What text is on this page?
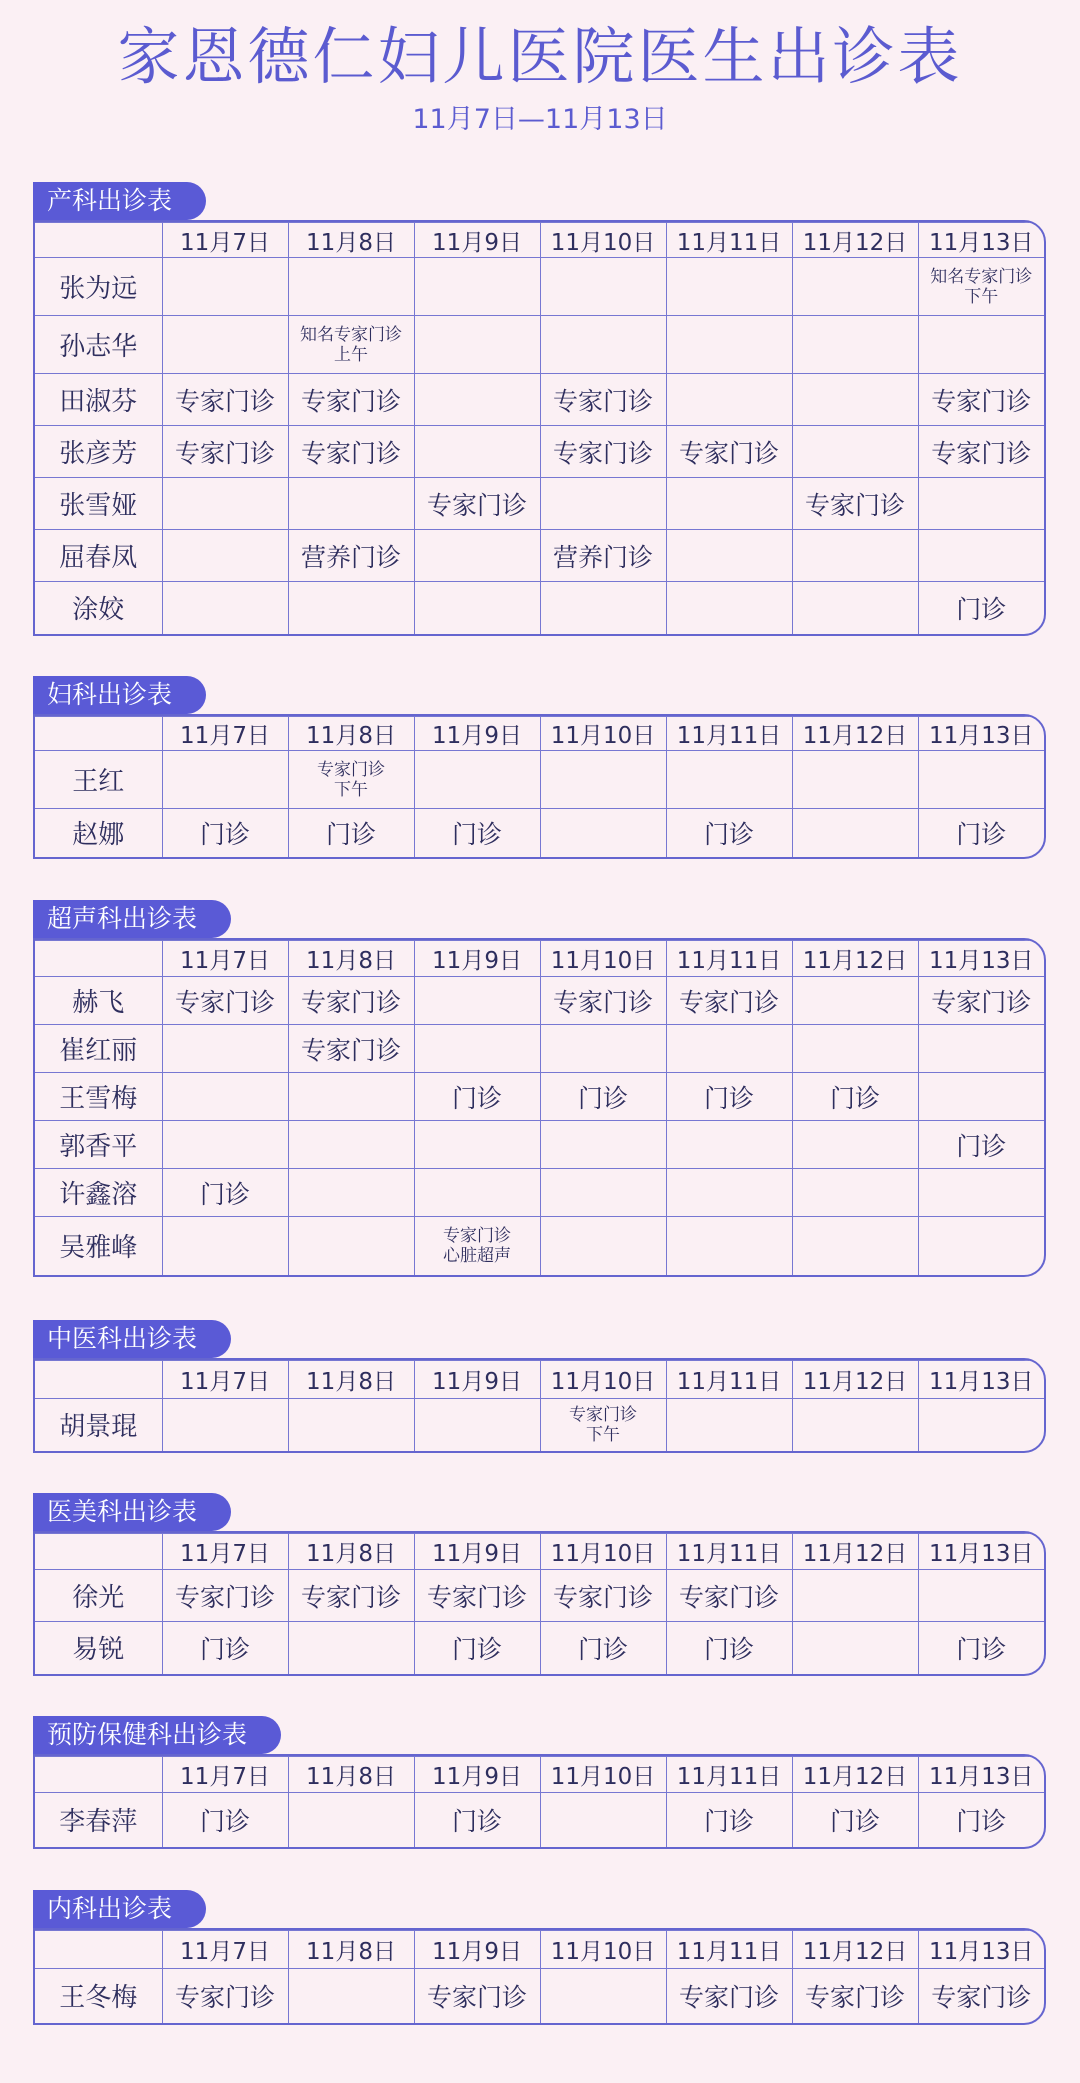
家恩德仁妇儿医院医生出诊表
11月7日—11月13日
产科出诊表
	11月7日	11月8日	11月9日	11月10日	11月11日	11月12日	11月13日
张为远							知名专家门诊
下午
孙志华		知名专家门诊
上午					
田淑芬	专家门诊	专家门诊		专家门诊			专家门诊
张彦芳	专家门诊	专家门诊		专家门诊	专家门诊		专家门诊
张雪娅			专家门诊			专家门诊	
屈春凤		营养门诊		营养门诊			
涂姣							门诊
妇科出诊表
	11月7日	11月8日	11月9日	11月10日	11月11日	11月12日	11月13日
王红		专家门诊
下午					
赵娜	门诊	门诊	门诊		门诊		门诊
超声科出诊表
	11月7日	11月8日	11月9日	11月10日	11月11日	11月12日	11月13日
赫飞	专家门诊	专家门诊		专家门诊	专家门诊		专家门诊
崔红丽		专家门诊					
王雪梅			门诊	门诊	门诊	门诊	
郭香平							门诊
许鑫溶	门诊						
吴雅峰			专家门诊
心脏超声				
中医科出诊表
	11月7日	11月8日	11月9日	11月10日	11月11日	11月12日	11月13日
胡景琨				专家门诊
下午			
医美科出诊表
	11月7日	11月8日	11月9日	11月10日	11月11日	11月12日	11月13日
徐光	专家门诊	专家门诊	专家门诊	专家门诊	专家门诊		
易锐	门诊		门诊	门诊	门诊		门诊
预防保健科出诊表
	11月7日	11月8日	11月9日	11月10日	11月11日	11月12日	11月13日
李春萍	门诊		门诊		门诊	门诊	门诊
内科出诊表
	11月7日	11月8日	11月9日	11月10日	11月11日	11月12日	11月13日
王冬梅	专家门诊		专家门诊		专家门诊	专家门诊	专家门诊
